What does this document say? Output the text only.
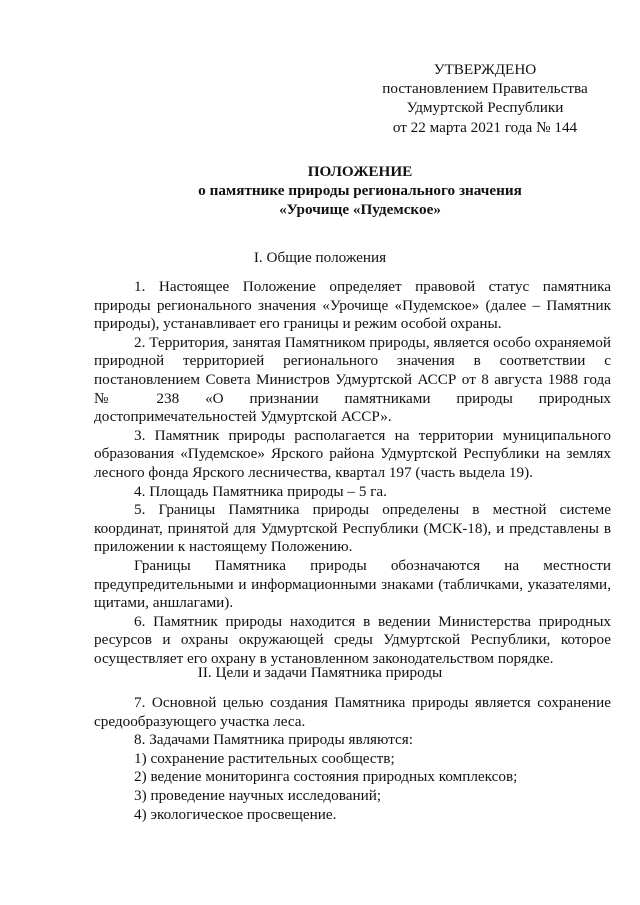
УТВЕРЖДЕНО
постановлением Правительства
Удмуртской Республики
от 22 марта 2021 года № 144
ПОЛОЖЕНИЕ
о памятнике природы регионального значения
«Урочище «Пудемское»
I. Общие положения

1. Настоящее Положение определяет правовой статус памятника природы регионального значения «Урочище «Пудемское» (далее – Памятник природы), устанавливает его границы и режим особой охраны.

2. Территория, занятая Памятником природы, является особо охраняемой природной территорией регионального значения в соответствии с постановлением Совета Министров Удмуртской АССР от 8 августа 1988 года № 238 «О признании памятниками природы природных достопримечательностей Удмуртской АССР».

3. Памятник природы располагается на территории муниципального образования «Пудемское» Ярского района Удмуртской Республики на землях лесного фонда Ярского лесничества, квартал 197 (часть выдела 19).

4. Площадь Памятника природы – 5 га.

5. Границы Памятника природы определены в местной системе координат, принятой для Удмуртской Республики (МСК-18), и представлены в приложении к настоящему Положению.

Границы Памятника природы обозначаются на местности предупредительными и информационными знаками (табличками, указателями, щитами, аншлагами).

6. Памятник природы находится в ведении Министерства природных ресурсов и охраны окружающей среды Удмуртской Республики, которое осуществляет его охрану в установленном законодательством порядке.

II. Цели и задачи Памятника природы

7. Основной целью создания Памятника природы является сохранение средообразующего участка леса.

8. Задачами Памятника природы являются:

1) сохранение растительных сообществ;

2) ведение мониторинга состояния природных комплексов;

3) проведение научных исследований;

4) экологическое просвещение.
